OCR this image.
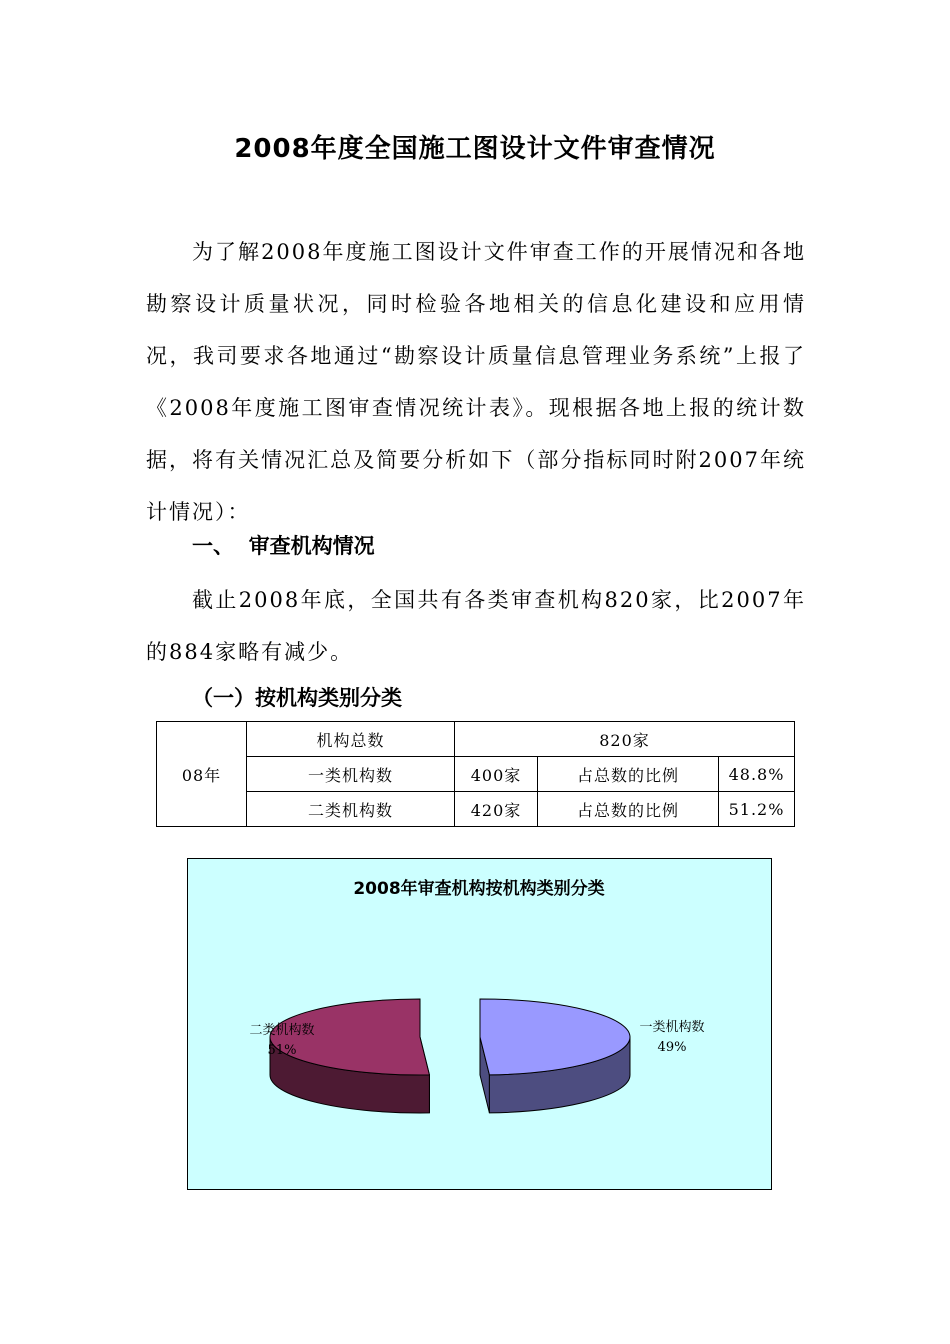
2008年度全国施工图设计文件审查情况

为了解2008年度施工图设计文件审查工作的开展情况和各地勘察设计质量状况，同时检验各地相关的信息化建设和应用情况，我司要求各地通过“勘察设计质量信息管理业务系统”上报了《2008年度施工图审查情况统计表》。现根据各地上报的统计数据，将有关情况汇总及简要分析如下（部分指标同时附2007年统计情况）：

一、  审查机构情况

截止2008年底，全国共有各类审查机构820家，比2007年的884家略有减少。

（一）按机构类别分类
08年	机构总数	820家		
	一类机构数	400家	占总数的比例	48.8%
	二类机构数	420家	占总数的比例	51.2%
2008年审查机构按机构类别分类
一类机构数
49%
二类机构数
51%
